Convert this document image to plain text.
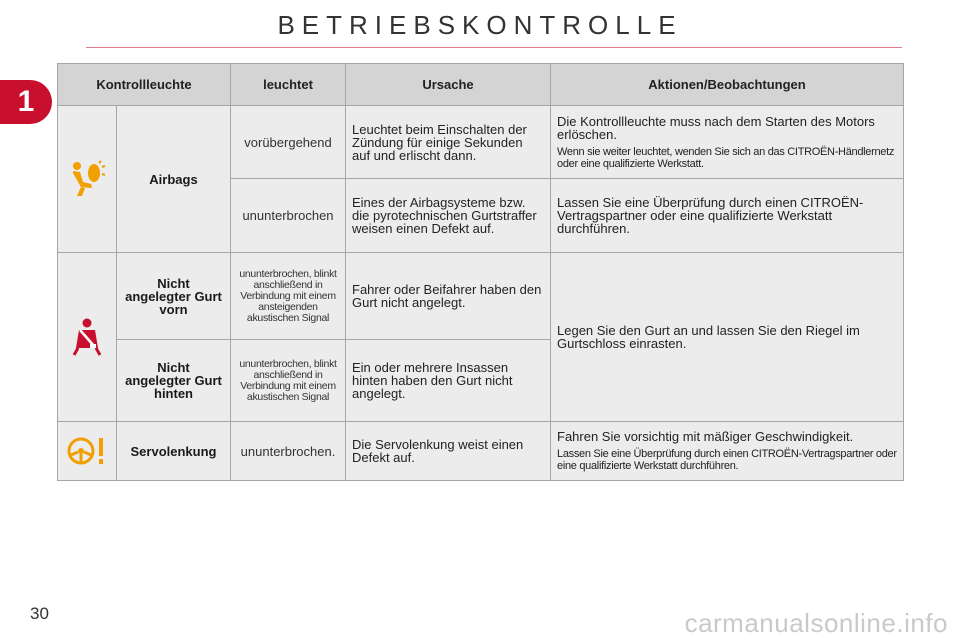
BETRIEBSKONTROLLE
1
Kontrollleuchte		leuchtet	Ursache	Aktionen/Beobachtungen

	Airbags	vorübergehend	Leuchtet beim Einschalten der Zündung für einige Sekunden auf und erlischt dann.	Die Kontrollleuchte muss nach dem Starten des Motors erlöschen.
Wenn sie weiter leuchtet, wenden Sie sich an das CITROËN-Händlernetz oder eine qualifizierte Werkstatt.

		ununterbrochen	Eines der Airbagsysteme bzw. die pyrotechnischen Gurtstraffer weisen einen Defekt auf.	Lassen Sie eine Überprüfung durch einen CITROËN-Vertragspartner oder eine qualifizierte Werkstatt durchführen.

	Nicht angelegter Gurt vorn	ununterbrochen, blinkt anschließend in Verbindung mit einem ansteigenden akustischen Signal	Fahrer oder Beifahrer haben den Gurt nicht angelegt.	Legen Sie den Gurt an und lassen Sie den Riegel im Gurtschloss einrasten.
	Nicht angelegter Gurt hinten	ununterbrochen, blinkt anschließend in Verbindung mit einem akustischen Signal	Ein oder mehrere Insassen hinten haben den Gurt nicht angelegt.	

	Servolenkung	ununterbrochen.	Die Servolenkung weist einen Defekt auf.	Fahren Sie vorsichtig mit mäßiger Geschwindigkeit.
Lassen Sie eine Überprüfung durch einen CITROËN-Vertragspartner oder eine qualifizierte Werkstatt durchführen.
30	carmanualsonline.info
